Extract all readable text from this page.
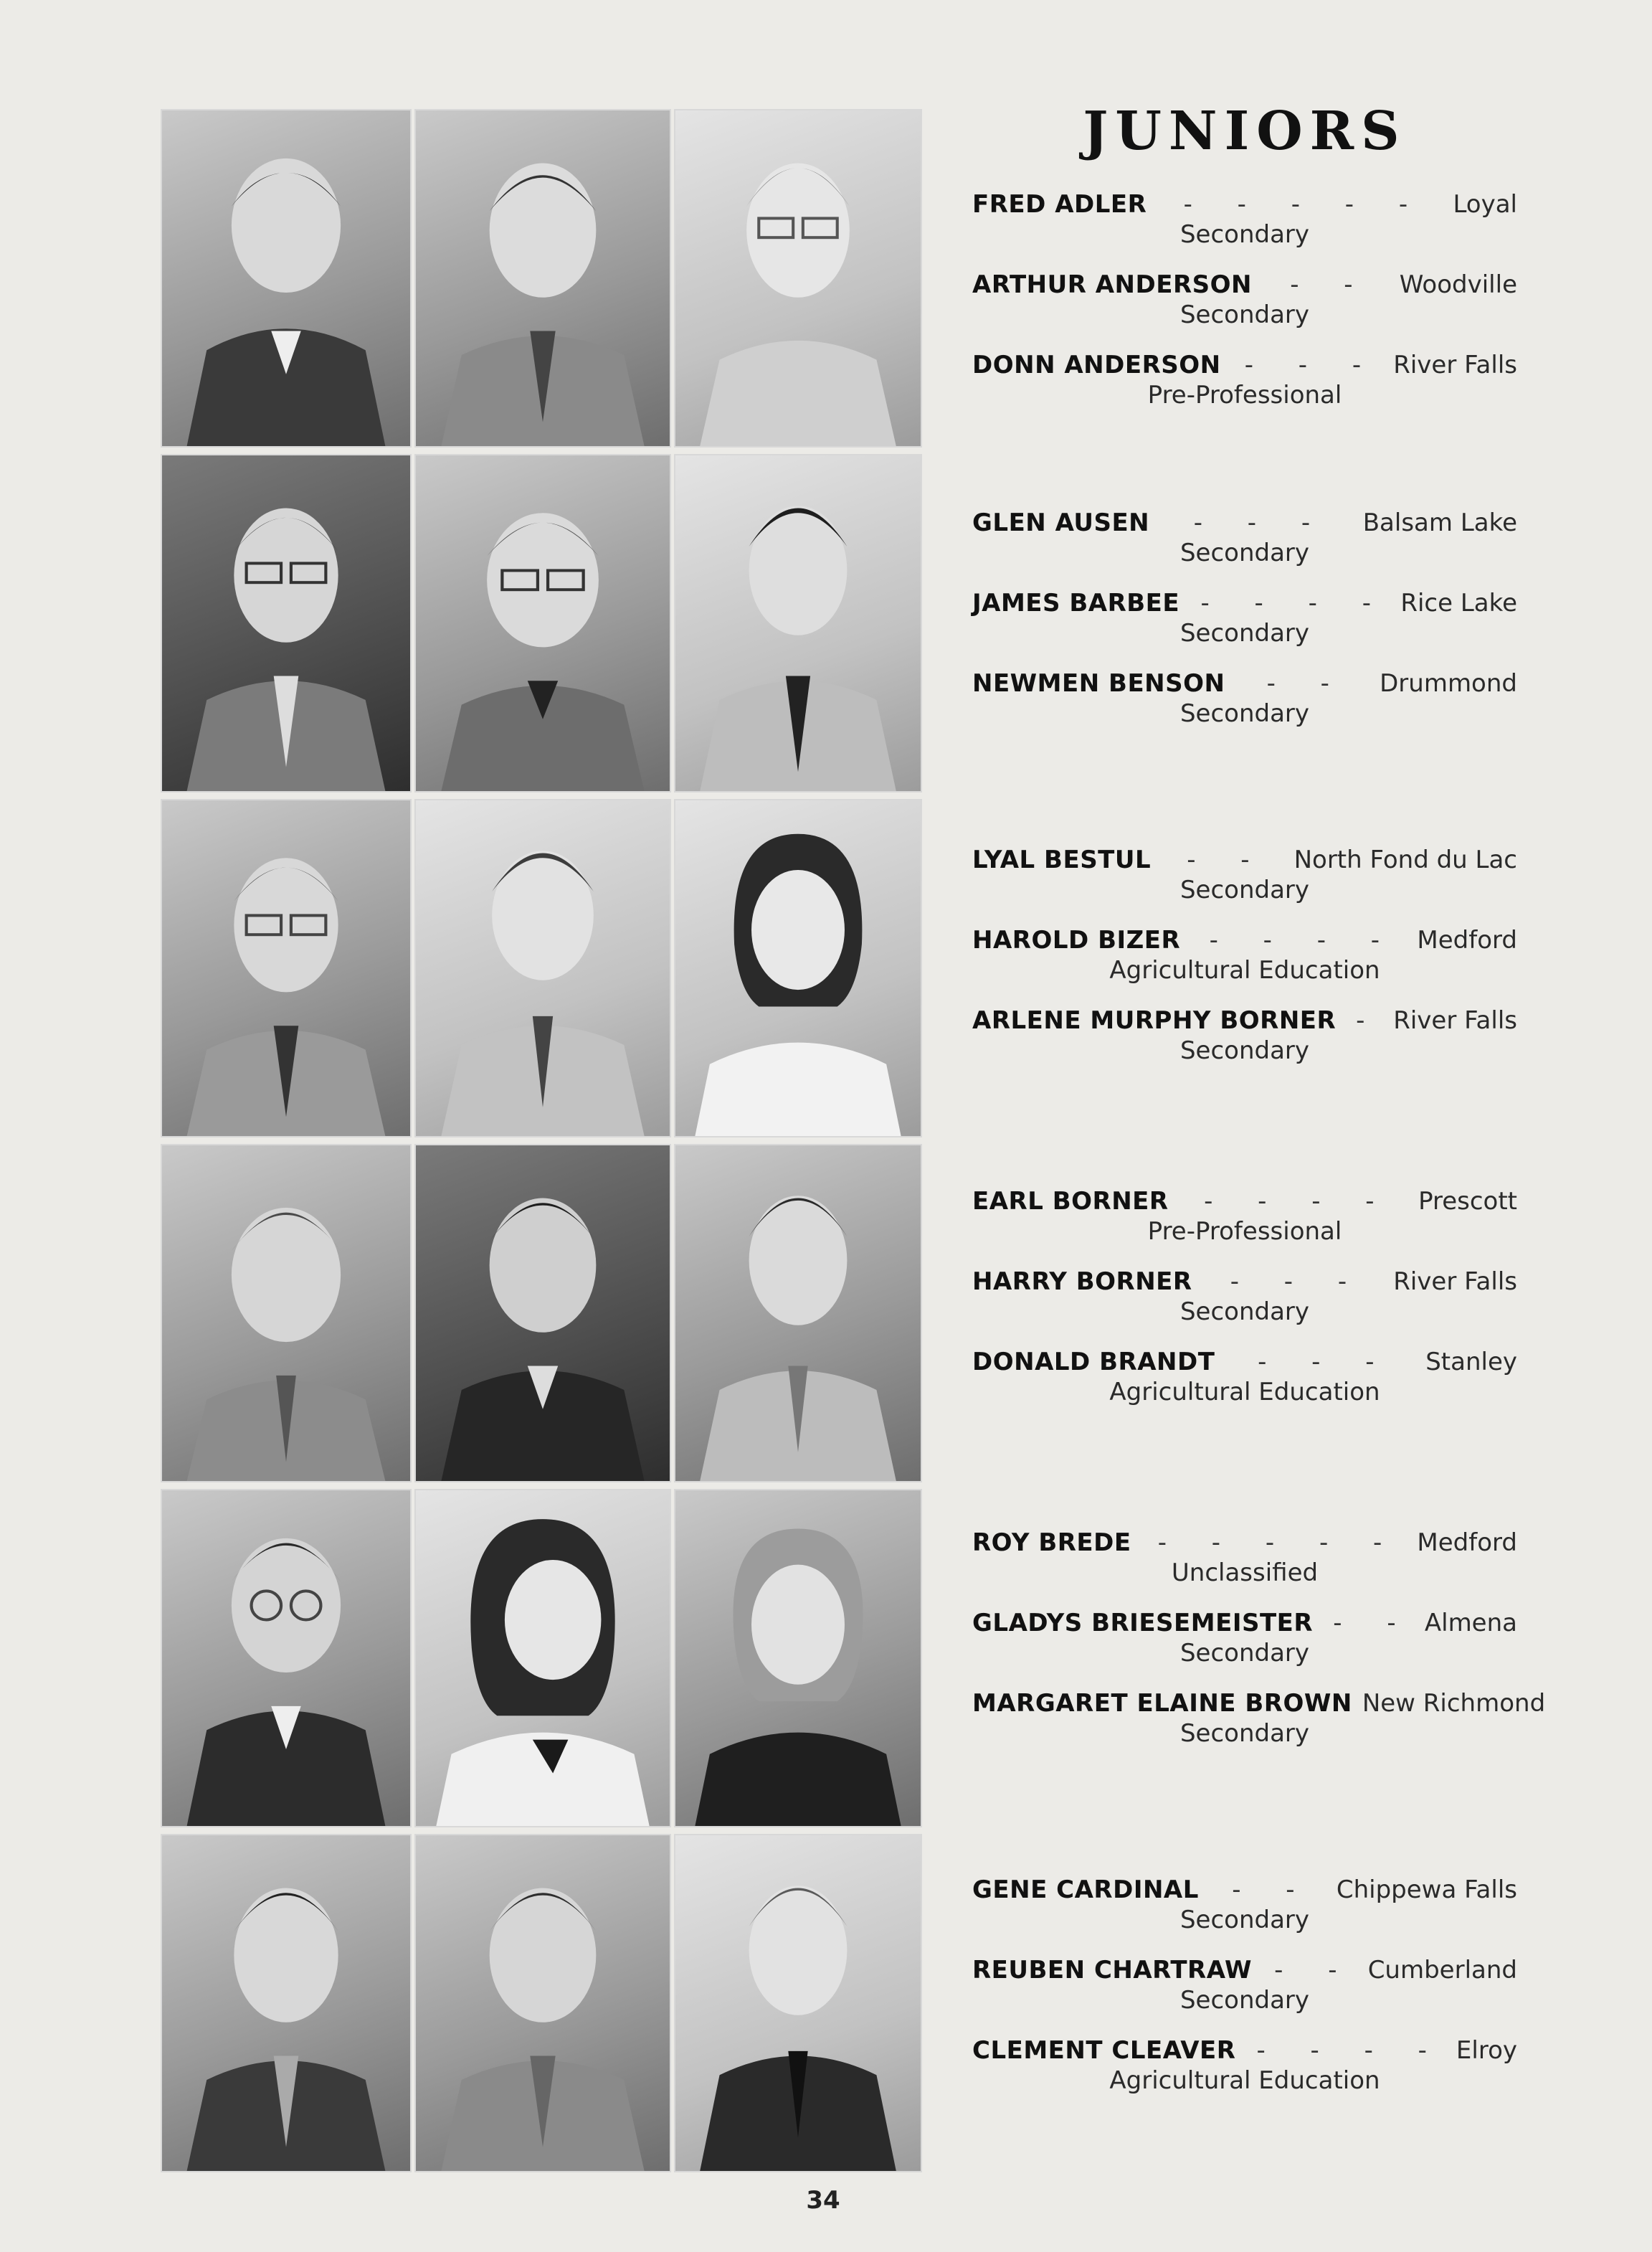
JUNIORS
FRED ADLER	- - - - -	Loyal
Secondary
ARTHUR ANDERSON	- -	Woodville
Secondary
DONN ANDERSON - - - River Falls
Pre-Professional
GLEN AUSEN	- - -	Balsam Lake
Secondary
JAMES BARBEE - - - - Rice Lake
Secondary
NEWMEN BENSON	- -	Drummond
Secondary
LYAL BESTUL	- -	North Fond du Lac
Secondary
HAROLD BIZER	- - - - Medford
Agricultural Education
ARLENE MURPHY BORNER - River Falls
Secondary
EARL BORNER	- - - -	Prescott
Pre-Professional
HARRY BORNER	- - -	River Falls
Secondary
DONALD BRANDT	- - -	Stanley
Agricultural Education
ROY BREDE	- - - - - Medford
Unclassified
GLADYS BRIESEMEISTER - - Almena
Secondary
MARGARET ELAINE BROWN New Richmond
Secondary
GENE CARDINAL	- - Chippewa Falls
Secondary
REUBEN CHARTRAW - - Cumberland
Secondary
CLEMENT CLEAVER - - - - Elroy
Agricultural Education
34
